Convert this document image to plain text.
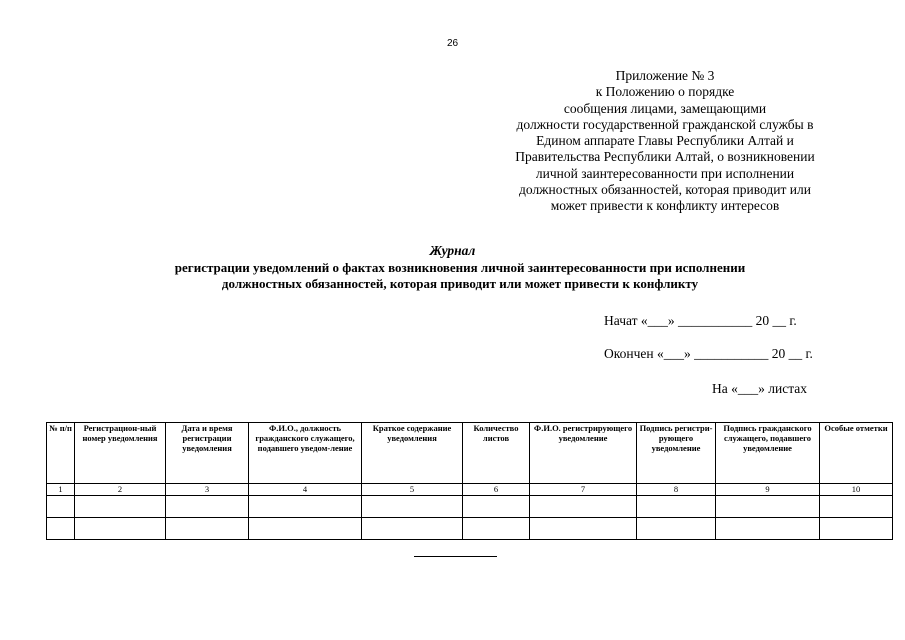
26
Приложение № 3
к Положению о порядке
сообщения лицами, замещающими
должности государственной гражданской службы в
Едином аппарате Главы Республики Алтай и
Правительства Республики Алтай, о возникновении
личной заинтересованности при исполнении
должностных обязанностей, которая приводит или
может привести к конфликту интересов
Журнал
регистрации уведомлений о фактах возникновения личной заинтересованности при исполнении
должностных обязанностей, которая приводит или может привести к конфликту
Начат «___» ___________ 20 __ г.
Окончен «___» ___________ 20 __ г.
На «___» листах
№ п/п	Регистрацион-ный номер уведомления	Дата и время регистрации уведомления	Ф.И.О., должность гражданского служащего, подавшего уведом-ление	Краткое содержание уведомления	Количество листов	Ф.И.О. регистрирующего уведомление	Подпись регистри-рующего уведомление	Подпись гражданского служащего, подавшего уведомление	Особые отметки
1	2	3	4	5	6	7	8	9	10
